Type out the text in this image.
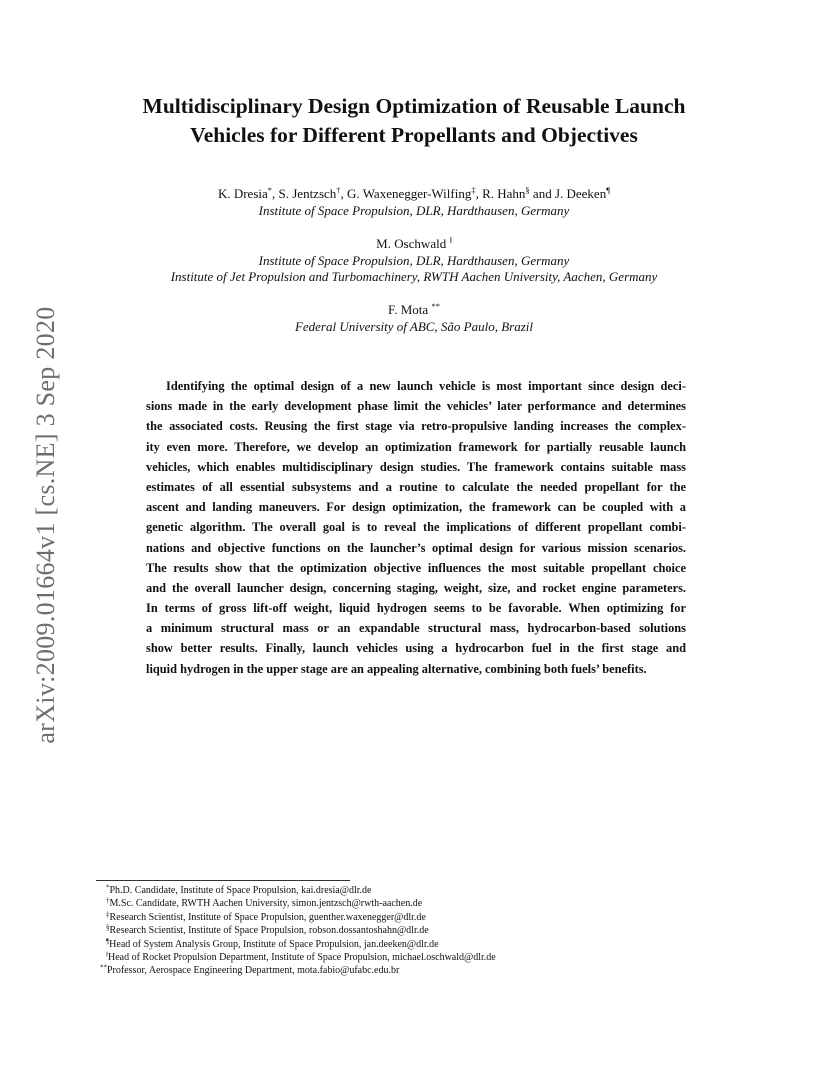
arXiv:2009.01664v1 [cs.NE] 3 Sep 2020
Multidisciplinary Design Optimization of Reusable Launch
Vehicles for Different Propellants and Objectives
K. Dresia*, S. Jentzsch†, G. Waxenegger-Wilfing‡, R. Hahn§ and J. Deeken¶
Institute of Space Propulsion, DLR, Hardthausen, Germany
M. Oschwald ‖
Institute of Space Propulsion, DLR, Hardthausen, Germany
Institute of Jet Propulsion and Turbomachinery, RWTH Aachen University, Aachen, Germany
F. Mota **
Federal University of ABC, São Paulo, Brazil
Identifying the optimal design of a new launch vehicle is most important since design deci-
sions made in the early development phase limit the vehicles’ later performance and determines
the associated costs. Reusing the first stage via retro-propulsive landing increases the complex-
ity even more. Therefore, we develop an optimization framework for partially reusable launch
vehicles, which enables multidisciplinary design studies. The framework contains suitable mass
estimates of all essential subsystems and a routine to calculate the needed propellant for the
ascent and landing maneuvers. For design optimization, the framework can be coupled with a
genetic algorithm. The overall goal is to reveal the implications of different propellant combi-
nations and objective functions on the launcher’s optimal design for various mission scenarios.
The results show that the optimization objective influences the most suitable propellant choice
and the overall launcher design, concerning staging, weight, size, and rocket engine parameters.
In terms of gross lift-off weight, liquid hydrogen seems to be favorable. When optimizing for
a minimum structural mass or an expandable structural mass, hydrocarbon-based solutions
show better results. Finally, launch vehicles using a hydrocarbon fuel in the first stage and
liquid hydrogen in the upper stage are an appealing alternative, combining both fuels’ benefits.
*Ph.D. Candidate, Institute of Space Propulsion, kai.dresia@dlr.de
†M.Sc. Candidate, RWTH Aachen University, simon.jentzsch@rwth-aachen.de
‡Research Scientist, Institute of Space Propulsion, guenther.waxenegger@dlr.de
§Research Scientist, Institute of Space Propulsion, robson.dossantoshahn@dlr.de
¶Head of System Analysis Group, Institute of Space Propulsion, jan.deeken@dlr.de
‖Head of Rocket Propulsion Department, Institute of Space Propulsion, michael.oschwald@dlr.de
**Professor, Aerospace Engineering Department, mota.fabio@ufabc.edu.br
